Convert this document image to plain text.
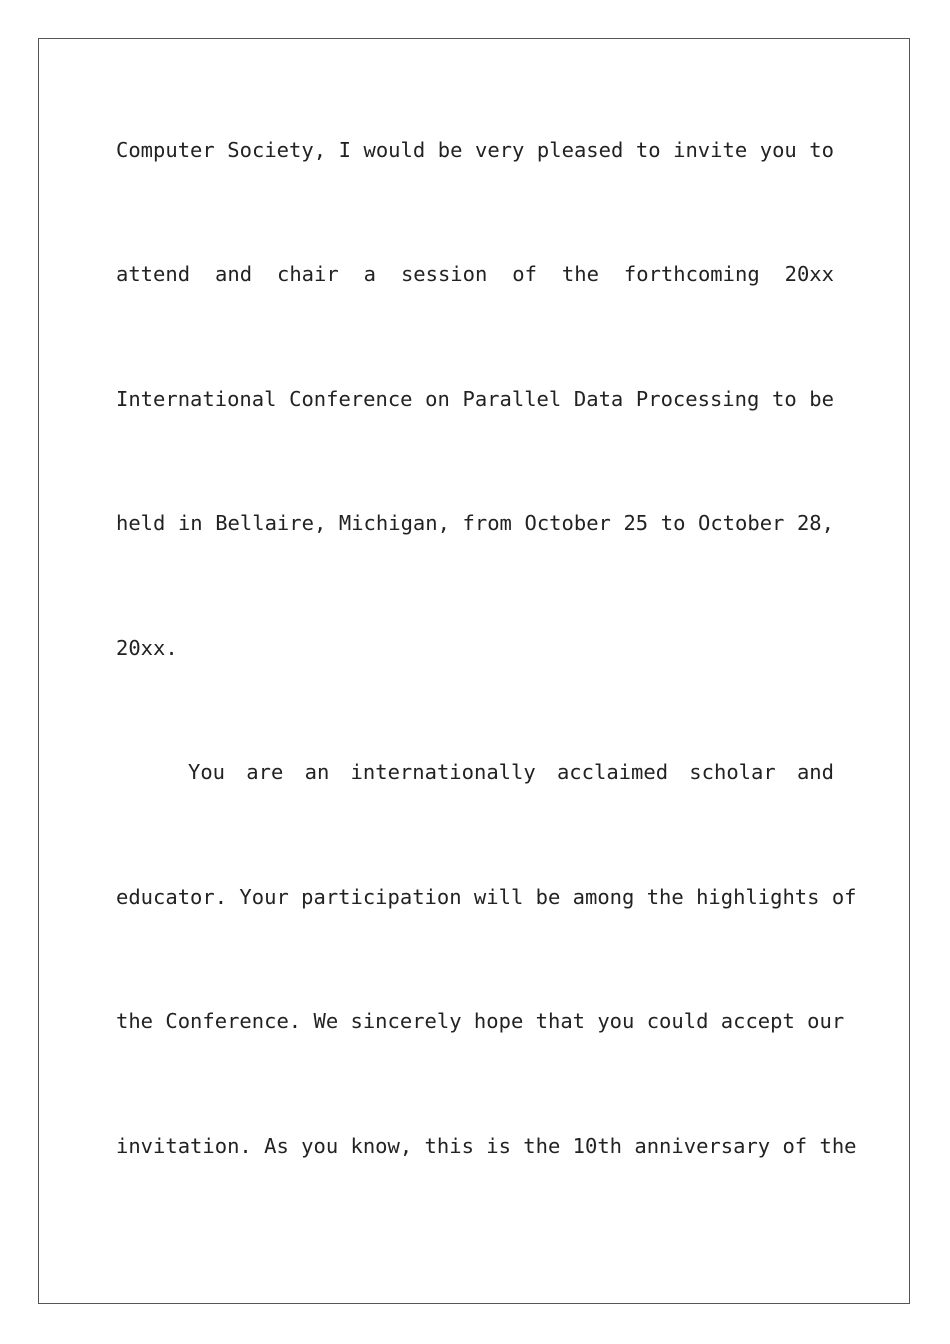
Computer Society, I would be very pleased to invite you to
attend and chair a session of the forthcoming 20xx
International Conference on Parallel Data Processing to be
held in Bellaire, Michigan, from October 25 to October 28,
20xx.
You are an internationally acclaimed scholar and
educator. Your participation will be among the highlights of
the Conference. We sincerely hope that you could accept our
invitation. As you know, this is the 10th anniversary of the
